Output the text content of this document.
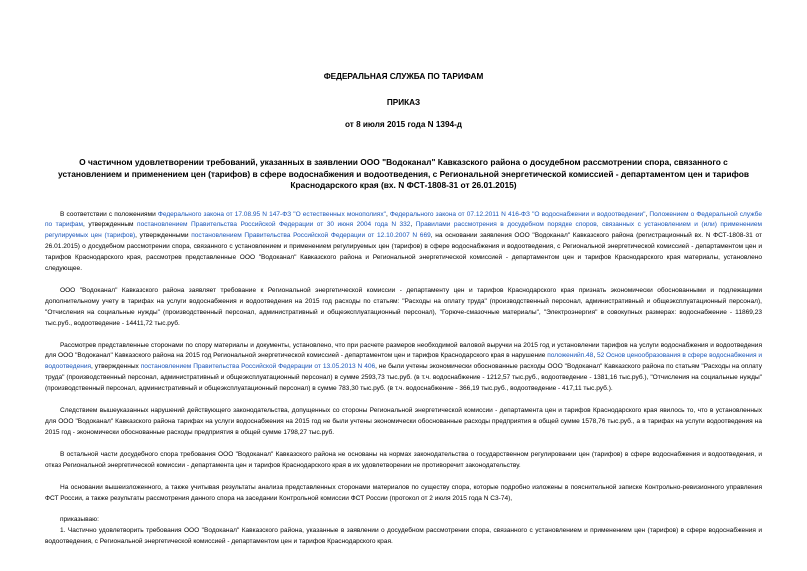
ФЕДЕРАЛЬНАЯ СЛУЖБА ПО ТАРИФАМ

ПРИКАЗ

от 8 июля 2015 года N 1394-д

О частичном удовлетворении требований, указанных в заявлении ООО "Водоканал" Кавказского района о досудебном рассмотрении спора, связанного с установлением и применением цен (тарифов) в сфере водоснабжения и водоотведения, с Региональной энергетической комиссией - департаментом цен и тарифов Краснодарского края (вх. N ФСТ-1808-31 от 26.01.2015)

В соответствии с положениями Федерального закона от 17.08.95 N 147-ФЗ "О естественных монополиях", Федерального закона от 07.12.2011 N 416-ФЗ "О водоснабжении и водоотведении", Положением о Федеральной службе по тарифам, утвержденным постановлением Правительства Российской Федерации от 30 июня 2004 года N 332, Правилами рассмотрения в досудебном порядке споров, связанных с установлением и (или) применением регулируемых цен (тарифов), утвержденными постановлением Правительства Российской Федерации от 12.10.2007 N 669, на основании заявления ООО "Водоканал" Кавказского района (регистрационный вх. N ФСТ-1808-31 от 26.01.2015) о досудебном рассмотрении спора, связанного с установлением и применением регулируемых цен (тарифов) в сфере водоснабжения и водоотведения, с Региональной энергетической комиссией - департаментом цен и тарифов Краснодарского края, рассмотрев представленные ООО "Водоканал" Кавказского района и Региональной энергетической комиссией - департаментом цен и тарифов Краснодарского края материалы, установлено следующее.

ООО "Водоканал" Кавказского района заявляет требование к Региональной энергетической комиссии - департаменту цен и тарифов Краснодарского края признать экономически обоснованными и подлежащими дополнительному учету в тарифах на услуги водоснабжения и водоотведения на 2015 год расходы по статьям: "Расходы на оплату труда" (производственный персонал, административный и общеэксплуатационный персонал), "Отчисления на социальные нужды" (производственный персонал, административный и общеэксплуатационный персонал), "Горюче-смазочные материалы", "Электроэнергия" в совокупных размерах: водоснабжение - 11869,23 тыс.руб., водоотведение - 14411,72 тыс.руб.

Рассмотрев представленные сторонами по спору материалы и документы, установлено, что при расчете размеров необходимой валовой выручки на 2015 год и установлении тарифов на услуги водоснабжения и водоотведения для ООО "Водоканал" Кавказского района на 2015 год Региональной энергетической комиссией - департаментом цен и тарифов Краснодарского края в нарушение положенийп.48, 52 Основ ценообразования в сфере водоснабжения и водоотведения, утвержденных постановлением Правительства Российской Федерации от 13.05.2013 N 406, не были учтены экономически обоснованные расходы ООО "Водоканал" Кавказского района по статьям "Расходы на оплату труда" (производственный персонал, административный и общеэксплуатационный персонал) в сумме 2593,73 тыс.руб. (в т.ч. водоснабжение - 1212,57 тыс.руб., водоотведение - 1381,16 тыс.руб.), "Отчисления на социальные нужды" (производственный персонал, административный и общеэксплуатационный персонал) в сумме 783,30 тыс.руб. (в т.ч. водоснабжение - 366,19 тыс.руб., водоотведение - 417,11 тыс.руб.).

Следствием вышеуказанных нарушений действующего законодательства, допущенных со стороны Региональной энергетической комиссии - департамента цен и тарифов Краснодарского края явилось то, что в установленных для ООО "Водоканал" Кавказского района тарифах на услуги водоснабжения на 2015 год не были учтены экономически обоснованные расходы предприятия в общей сумме 1578,76 тыс.руб., а в тарифах на услуги водоотведения на 2015 год - экономически обоснованные расходы предприятия в общей сумме 1798,27 тыс.руб.

В остальной части досудебного спора требования ООО "Водоканал" Кавказского района не основаны на нормах законодательства о государственном регулировании цен (тарифов) в сфере водоснабжения и водоотведения, и отказ Региональной энергетической комиссии - департамента цен и тарифов Краснодарского края в их удовлетворении не противоречит законодательству.

На основании вышеизложенного, а также учитывая результаты анализа представленных сторонами материалов по существу спора, которые подробно изложены в пояснительной записке Контрольно-ревизионного управления ФСТ России, а также результаты рассмотрения данного спора на заседании Контрольной комиссии ФСТ России (протокол от 2 июля 2015 года N С3-74),

приказываю:

1. Частично удовлетворить требования ООО "Водоканал" Кавказского района, указанные в заявлении о досудебном рассмотрении спора, связанного с установлением и применением цен (тарифов) в сфере водоснабжения и водоотведения, с Региональной энергетической комиссией - департаментом цен и тарифов Краснодарского края.
